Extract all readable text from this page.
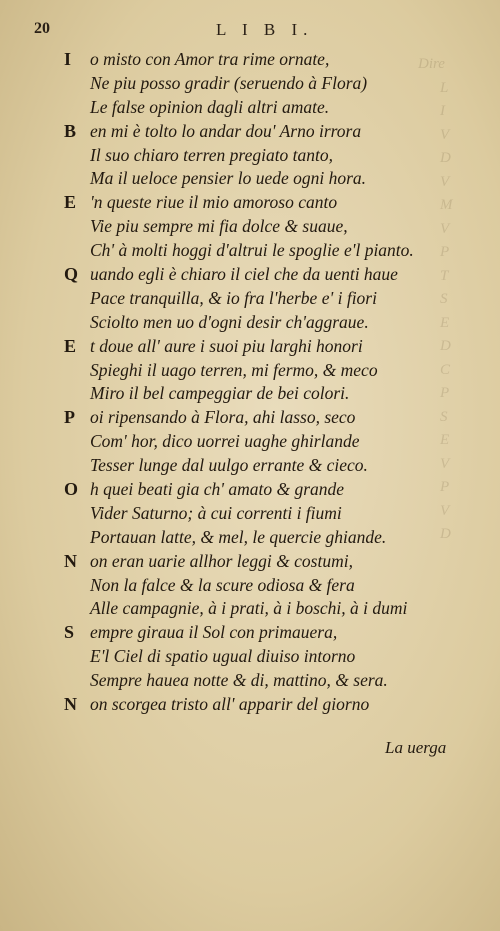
Dire
L
I
V
D
V
M
V
P
T
S
E
D
C
P
S
E
V
P
V
D
20	L I B I.
I o misto con Amor tra rime ornate,
Ne piu posso gradir (seruendo à Flora)
Le false opinion dagli altri amate.
B en mi è tolto lo andar dou' Arno irrora
Il suo chiaro terren pregiato tanto,
Ma il ueloce pensier lo uede ogni hora.
E 'n queste riue il mio amoroso canto
Vie piu sempre mi fia dolce & suaue,
Ch' à molti hoggi d'altrui le spoglie e'l pianto.
Q uando egli è chiaro il ciel che da uenti haue
Pace tranquilla, & io fra l'herbe e' i fiori
Sciolto men uo d'ogni desir ch'aggraue.
E t doue all' aure i suoi piu larghi honori
Spieghi il uago terren, mi fermo, & meco
Miro il bel campeggiar de bei colori.
P oi ripensando à Flora, ahi lasso, seco
Com' hor, dico uorrei uaghe ghirlande
Tesser lunge dal uulgo errante & cieco.
O h quei beati gia ch' amato & grande
Vider Saturno; à cui correnti i fiumi
Portauan latte, & mel, le quercie ghiande.
N on eran uarie allhor leggi & costumi,
Non la falce & la scure odiosa & fera
Alle campagnie, à i prati, à i boschi, à i dumi
S empre giraua il Sol con primauera,
E'l Ciel di spatio ugual diuiso intorno
Sempre hauea notte & di, mattino, & sera.
N on scorgea tristo all' apparir del giorno
La uerga
